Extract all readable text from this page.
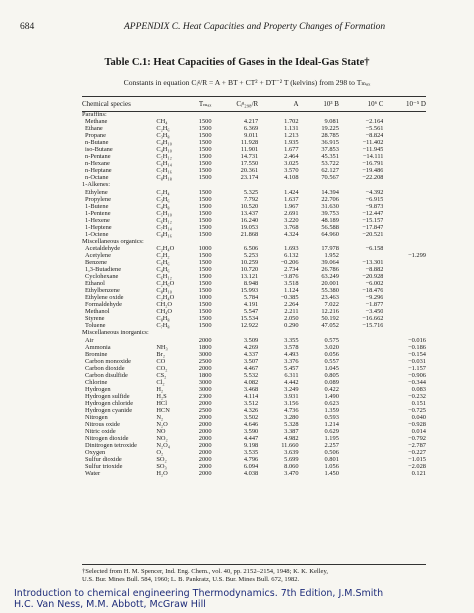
684	APPENDIX C. Heat Capacities and Property Changes of Formation
Table C.1: Heat Capacities of Gases in the Ideal-Gas State†
Constants in equation Cᵢᵍ/R = A + BT + CT² + DT⁻² T (kelvins) from 298 to Tₘₐₓ
Chemical species		Tₘₐₓ	Cᵢᵍ₂₉₈/R	A	10³ B	10⁶ C	10⁻⁵ D
Paraffins:							
Methane	CH₄	1500	4.217	1.702	9.081	−2.164	
Ethane	C₂H₆	1500	6.369	1.131	19.225	−5.561	
Propane	C₃H₈	1500	9.011	1.213	28.785	−8.824	
n-Butane	C₄H₁₀	1500	11.928	1.935	36.915	−11.402	
iso-Butane	C₄H₁₀	1500	11.901	1.677	37.853	−11.945	
n-Pentane	C₅H₁₂	1500	14.731	2.464	45.351	−14.111	
n-Hexane	C₆H₁₄	1500	17.550	3.025	53.722	−16.791	
n-Heptane	C₇H₁₆	1500	20.361	3.570	62.127	−19.486	
n-Octane	C₈H₁₈	1500	23.174	4.108	70.567	−22.208	
1-Alkenes:							
Ethylene	C₂H₄	1500	5.325	1.424	14.394	−4.392	
Propylene	C₃H₆	1500	7.792	1.637	22.706	−6.915	
1-Butene	C₄H₈	1500	10.520	1.967	31.630	−9.873	
1-Pentene	C₅H₁₀	1500	13.437	2.691	39.753	−12.447	
1-Hexene	C₆H₁₂	1500	16.240	3.220	48.189	−15.157	
1-Heptene	C₇H₁₄	1500	19.053	3.768	56.588	−17.847	
1-Octene	C₈H₁₆	1500	21.868	4.324	64.960	−20.521	
Miscellaneous organics:							
Acetaldehyde	C₂H₄O	1000	6.506	1.693	17.978	−6.158	
Acetylene	C₂H₂	1500	5.253	6.132	1.952		−1.299
Benzene	C₆H₆	1500	10.259	−0.206	39.064	−13.301	
1,3-Butadiene	C₄H₆	1500	10.720	2.734	26.786	−8.882	
Cyclohexane	C₆H₁₂	1500	13.121	−3.876	63.249	−20.928	
Ethanol	C₂H₆O	1500	8.948	3.518	20.001	−6.002	
Ethylbenzene	C₈H₁₀	1500	15.993	1.124	55.380	−18.476	
Ethylene oxide	C₂H₄O	1000	5.784	−0.385	23.463	−9.296	
Formaldehyde	CH₂O	1500	4.191	2.264	7.022	−1.877	
Methanol	CH₄O	1500	5.547	2.211	12.216	−3.450	
Styrene	C₈H₈	1500	15.534	2.050	50.192	−16.662	
Toluene	C₇H₈	1500	12.922	0.290	47.052	−15.716	
Miscellaneous inorganics:							
Air		2000	3.509	3.355	0.575		−0.016
Ammonia	NH₃	1800	4.269	3.578	3.020		−0.186
Bromine	Br₂	3000	4.337	4.493	0.056		−0.154
Carbon monoxide	CO	2500	3.507	3.376	0.557		−0.031
Carbon dioxide	CO₂	2000	4.467	5.457	1.045		−1.157
Carbon disulfide	CS₂	1800	5.532	6.311	0.805		−0.906
Chlorine	Cl₂	3000	4.082	4.442	0.089		−0.344
Hydrogen	H₂	3000	3.468	3.249	0.422		0.083
Hydrogen sulfide	H₂S	2300	4.114	3.931	1.490		−0.232
Hydrogen chloride	HCl	2000	3.512	3.156	0.623		0.151
Hydrogen cyanide	HCN	2500	4.326	4.736	1.359		−0.725
Nitrogen	N₂	2000	3.502	3.280	0.593		0.040
Nitrous oxide	N₂O	2000	4.646	5.328	1.214		−0.928
Nitric oxide	NO	2000	3.590	3.387	0.629		0.014
Nitrogen dioxide	NO₂	2000	4.447	4.982	1.195		−0.792
Dinitrogen tetroxide	N₂O₄	2000	9.198	11.660	2.257		−2.787
Oxygen	O₂	2000	3.535	3.639	0.506		−0.227
Sulfur dioxide	SO₂	2000	4.796	5.699	0.801		−1.015
Sulfur trioxide	SO₃	2000	6.094	8.060	1.056		−2.028
Water	H₂O	2000	4.038	3.470	1.450		0.121
†Selected from H. M. Spencer, Ind. Eng. Chem., vol. 40, pp. 2152–2154, 1948; K. K. Kelley,
U.S. Bur. Mines Bull. 584, 1960; L. B. Pankratz, U.S. Bur. Mines Bull. 672, 1982.
Introduction to chemical engineering Thermodynamics. 7th Edition, J.M.Smith
H.C. Van Ness, M.M. Abbott, McGraw Hill
